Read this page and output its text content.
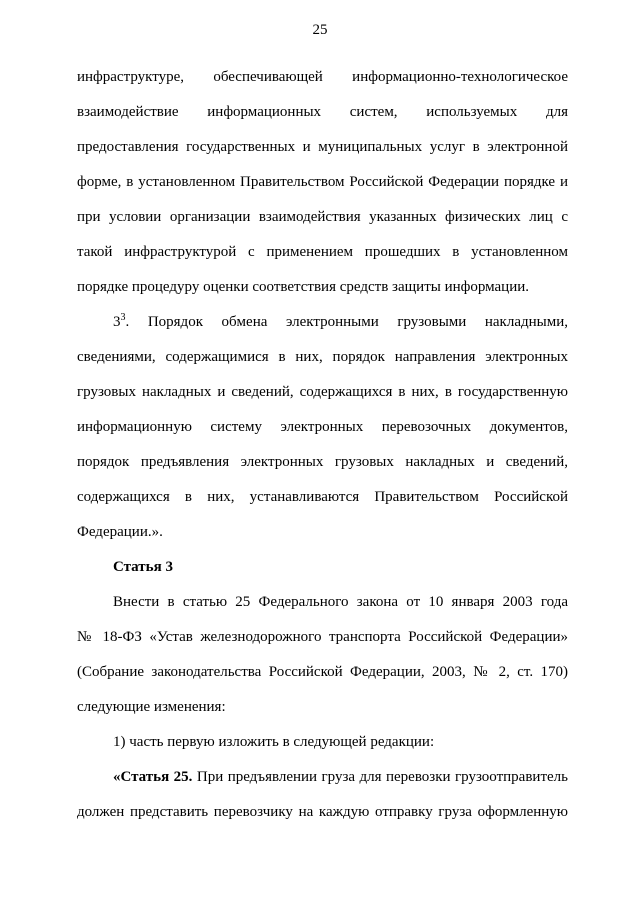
25
инфраструктуре, обеспечивающей информационно-технологическое
взаимодействие информационных систем, используемых для
предоставления государственных и муниципальных услуг в электронной
форме, в установленном Правительством Российской Федерации порядке и
при условии организации взаимодействия указанных физических лиц с
такой инфраструктурой с применением прошедших в установленном
порядке процедуру оценки соответствия средств защиты информации.
$3^3$. Порядок обмена электронными грузовыми накладными,
сведениями, содержащимися в них, порядок направления электронных
грузовых накладных и сведений, содержащихся в них, в государственную
информационную систему электронных перевозочных документов,
порядок предъявления электронных грузовых накладных и сведений,
содержащихся в них, устанавливаются Правительством Российской
Федерации.».
Статья 3
Внести в статью 25 Федерального закона от 10 января 2003 года
№ 18-ФЗ «Устав железнодорожного транспорта Российской Федерации»
(Собрание законодательства Российской Федерации, 2003, № 2, ст. 170)
следующие изменения:
1) часть первую изложить в следующей редакции:
«Статья 25. При предъявлении груза для перевозки грузоотправитель
должен представить перевозчику на каждую отправку груза оформленную
